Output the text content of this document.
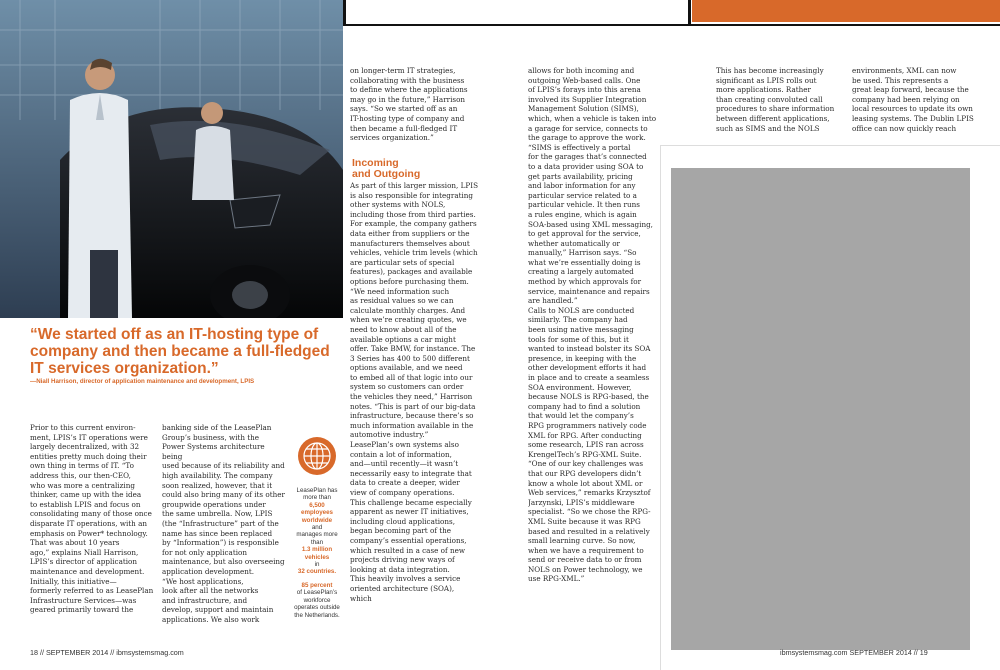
“We started off as an IT-hosting type of company and then became a full-fledged IT services organization.”
—Niall Harrison, director of application maintenance and development, LPIS
Prior to this current environ-
ment, LPIS’s IT operations were
largely decentralized, with 32
entities pretty much doing their
own thing in terms of IT. “To
address this, our then-CEO,
who was more a centralizing
thinker, came up with the idea
to establish LPIS and focus on
consolidating many of those once
disparate IT operations, with an
emphasis on Power* technology.
That was about 10 years
ago,” explains Niall Harrison,
LPIS’s director of application
maintenance and development.
Initially, this initiative—
formerly referred to as LeasePlan
Infrastructure Services—was
geared primarily toward the
banking side of the LeasePlan
Group’s business, with the
Power Systems architecture being
used because of its reliability and
high availability. The company
soon realized, however, that it
could also bring many of its other
groupwide operations under
the same umbrella. Now, LPIS
(the “Infrastructure” part of the
name has since been replaced
by “Information”) is responsible
for not only application
maintenance, but also overseeing
application development.
“We host applications,
look after all the networks
and infrastructure, and
develop, support and maintain
applications. We also work
LeasePlan has
more than
6,500
employees
worldwide
and
manages more
than
1.3 million
vehicles
in
32 countries.
85 percent
of LeasePlan’s
workforce
operates outside
the Netherlands.
18 // SEPTEMBER 2014 // ibmsystemsmag.com
on longer-term IT strategies,
collaborating with the business
to define where the applications
may go in the future,” Harrison
says. “So we started off as an
IT-hosting type of company and
then became a full-fledged IT
services organization.”
Incoming
and Outgoing
As part of this larger mission, LPIS
is also responsible for integrating
other systems with NOLS,
including those from third parties.
For example, the company gathers
data either from suppliers or the
manufacturers themselves about
vehicles, vehicle trim levels (which
are particular sets of special
features), packages and available
options before purchasing them.
“We need information such
as residual values so we can
calculate monthly charges. And
when we’re creating quotes, we
need to know about all of the
available options a car might
offer. Take BMW, for instance. The
3 Series has 400 to 500 different
options available, and we need
to embed all of that logic into our
system so customers can order
the vehicles they need,” Harrison
notes. “This is part of our big-data
infrastructure, because there’s so
much information available in the
automotive industry.”
LeasePlan’s own systems also
contain a lot of information,
and—until recently—it wasn’t
necessarily easy to integrate that
data to create a deeper, wider
view of company operations.
This challenge became especially
apparent as newer IT initiatives,
including cloud applications,
began becoming part of the
company’s essential operations,
which resulted in a case of new
projects driving new ways of
looking at data integration.
This heavily involves a service
oriented architecture (SOA), which
allows for both incoming and
outgoing Web-based calls. One
of LPIS’s forays into this arena
involved its Supplier Integration
Management Solution (SIMS),
which, when a vehicle is taken into
a garage for service, connects to
the garage to approve the work.
“SIMS is effectively a portal
for the garages that’s connected
to a data provider using SOA to
get parts availability, pricing
and labor information for any
particular service related to a
particular vehicle. It then runs
a rules engine, which is again
SOA-based using XML messaging,
to get approval for the service,
whether automatically or
manually,” Harrison says. “So
what we’re essentially doing is
creating a largely automated
method by which approvals for
service, maintenance and repairs
are handled.”
Calls to NOLS are conducted
similarly. The company had
been using native messaging
tools for some of this, but it
wanted to instead bolster its SOA
presence, in keeping with the
other development efforts it had
in place and to create a seamless
SOA environment. However,
because NOLS is RPG-based, the
company had to find a solution
that would let the company’s
RPG programmers natively code
XML for RPG. After conducting
some research, LPIS ran across
KrengelTech’s RPG-XML Suite.
“One of our key challenges was
that our RPG developers didn’t
know a whole lot about XML or
Web services,” remarks Krzysztof
Jarzynski, LPIS’s middleware
specialist. “So we chose the RPG-
XML Suite because it was RPG
based and resulted in a relatively
small learning curve. So now,
when we have a requirement to
send or receive data to or from
NOLS on Power technology, we
use RPG-XML.”
This has become increasingly
significant as LPIS rolls out
more applications. Rather
than creating convoluted call
procedures to share information
between different applications,
such as SIMS and the NOLS
environments, XML can now
be used. This represents a
great leap forward, because the
company had been relying on
local resources to update its own
leasing systems. The Dublin LPIS
office can now quickly reach
ibmsystemsmag.com SEPTEMBER 2014 // 19
